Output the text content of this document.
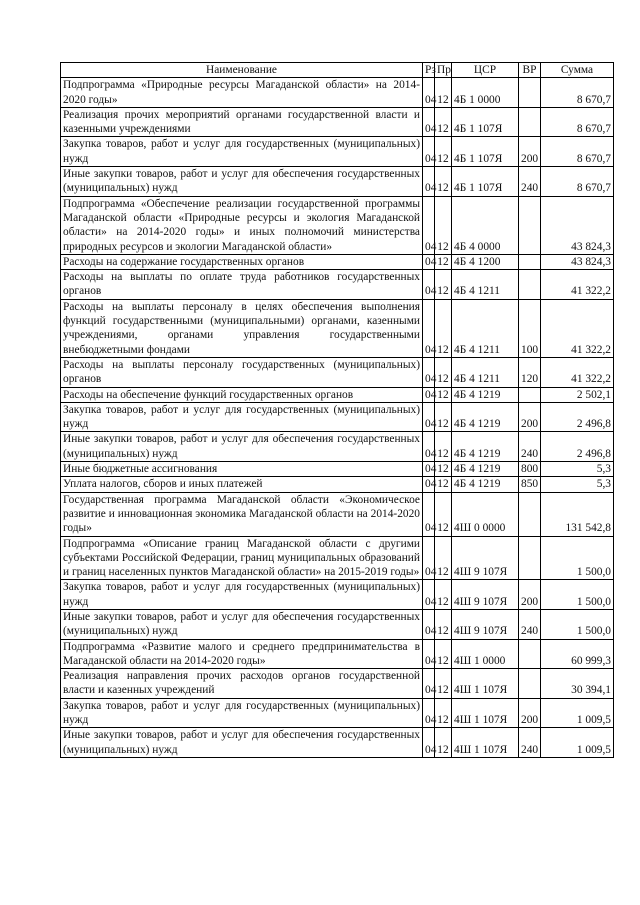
Наименование	Рз	Пр	ЦСР	ВР	Сумма
Подпрограмма «Природные ресурсы Магаданской области» на 2014-2020 годы»	04	12	4Б 1 0000		8 670,7
Реализация прочих мероприятий органами государственной власти и казенными учреждениями	04	12	4Б 1 107Я		8 670,7
Закупка товаров, работ и услуг для государственных (муниципальных) нужд	04	12	4Б 1 107Я	200	8 670,7
Иные закупки товаров, работ и услуг для обеспечения государственных (муниципальных) нужд	04	12	4Б 1 107Я	240	8 670,7
Подпрограмма «Обеспечение реализации государственной программы Магаданской области «Природные ресурсы и экология Магаданской области» на 2014-2020 годы» и иных полномочий министерства природных ресурсов и экологии Магаданской области»	04	12	4Б 4 0000		43 824,3
Расходы на содержание государственных органов	04	12	4Б 4 1200		43 824,3
Расходы на выплаты по оплате труда работников государственных органов	04	12	4Б 4 1211		41 322,2
Расходы на выплаты персоналу в целях обеспечения выполнения функций государственными (муниципальными) органами, казенными учреждениями, органами управления государственными внебюджетными фондами	04	12	4Б 4 1211	100	41 322,2
Расходы на выплаты персоналу государственных (муниципальных) органов	04	12	4Б 4 1211	120	41 322,2
Расходы на обеспечение функций государственных органов	04	12	4Б 4 1219		2 502,1
Закупка товаров, работ и услуг для государственных (муниципальных) нужд	04	12	4Б 4 1219	200	2 496,8
Иные закупки товаров, работ и услуг для обеспечения государственных (муниципальных) нужд	04	12	4Б 4 1219	240	2 496,8
Иные бюджетные ассигнования	04	12	4Б 4 1219	800	5,3
Уплата налогов, сборов и иных платежей	04	12	4Б 4 1219	850	5,3
Государственная программа Магаданской области «Экономическое развитие и инновационная экономика Магаданской области на 2014-2020 годы»	04	12	4Ш 0 0000		131 542,8
Подпрограмма «Описание границ Магаданской области с другими субъектами Российской Федерации, границ муниципальных образований и границ населенных пунктов Магаданской области» на 2015-2019 годы»	04	12	4Ш 9 107Я		1 500,0
Закупка товаров, работ и услуг для государственных (муниципальных) нужд	04	12	4Ш 9 107Я	200	1 500,0
Иные закупки товаров, работ и услуг для обеспечения государственных (муниципальных) нужд	04	12	4Ш 9 107Я	240	1 500,0
Подпрограмма «Развитие малого и среднего предпринимательства в Магаданской области на 2014-2020 годы»	04	12	4Ш 1 0000		60 999,3
Реализация направления прочих расходов органов государственной власти и казенных учреждений	04	12	4Ш 1 107Я		30 394,1
Закупка товаров, работ и услуг для государственных (муниципальных) нужд	04	12	4Ш 1 107Я	200	1 009,5
Иные закупки товаров, работ и услуг для обеспечения государственных (муниципальных) нужд	04	12	4Ш 1 107Я	240	1 009,5
